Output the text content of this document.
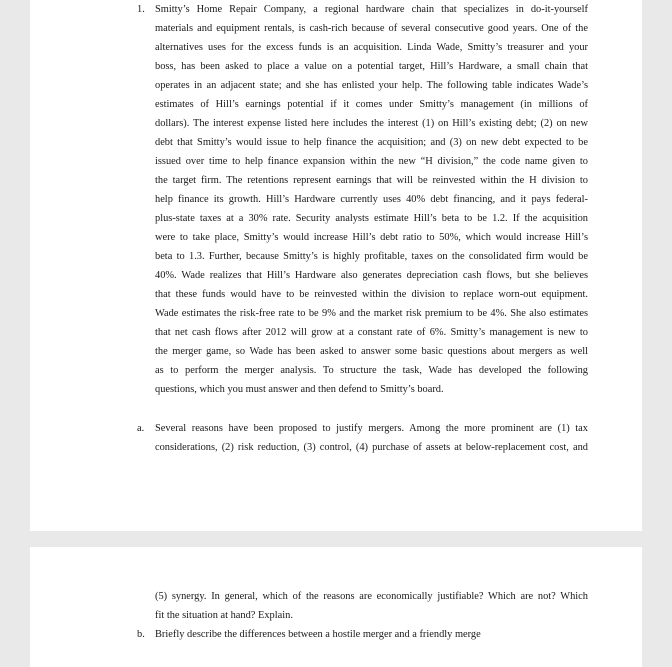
1. Smitty’s Home Repair Company, a regional hardware chain that specializes in do-it-yourself
materials and equipment rentals, is cash-rich because of several consecutive good years. One of the
alternatives uses for the excess funds is an acquisition. Linda Wade, Smitty’s treasurer and your
boss, has been asked to place a value on a potential target, Hill’s Hardware, a small chain that
operates in an adjacent state; and she has enlisted your help. The following table indicates Wade’s
estimates of Hill’s earnings potential if it comes under Smitty’s management (in millions of
dollars). The interest expense listed here includes the interest (1) on Hill’s existing debt; (2) on new
debt that Smitty’s would issue to help finance the acquisition; and (3) on new debt expected to be
issued over time to help finance expansion within the new “H division,” the code name given to
the target firm. The retentions represent earnings that will be reinvested within the H division to
help finance its growth. Hill’s Hardware currently uses 40% debt financing, and it pays federal-
plus-state taxes at a 30% rate. Security analysts estimate Hill’s beta to be 1.2. If the acquisition
were to take place, Smitty’s would increase Hill’s debt ratio to 50%, which would increase Hill’s
beta to 1.3. Further, because Smitty’s is highly profitable, taxes on the consolidated firm would be
40%. Wade realizes that Hill’s Hardware also generates depreciation cash flows, but she believes
that these funds would have to be reinvested within the division to replace worn-out equipment.
Wade estimates the risk-free rate to be 9% and the market risk premium to be 4%. She also estimates
that net cash flows after 2012 will grow at a constant rate of 6%. Smitty’s management is new to
the merger game, so Wade has been asked to answer some basic questions about mergers as well
as to perform the merger analysis. To structure the task, Wade has developed the following
questions, which you must answer and then defend to Smitty’s board.
a. Several reasons have been proposed to justify mergers. Among the more prominent are (1) tax
considerations, (2) risk reduction, (3) control, (4) purchase of assets at below-replacement cost, and
(5) synergy. In general, which of the reasons are economically justifiable? Which are not? Which
fit the situation at hand? Explain.
b. Briefly describe the differences between a hostile merger and a friendly merge
